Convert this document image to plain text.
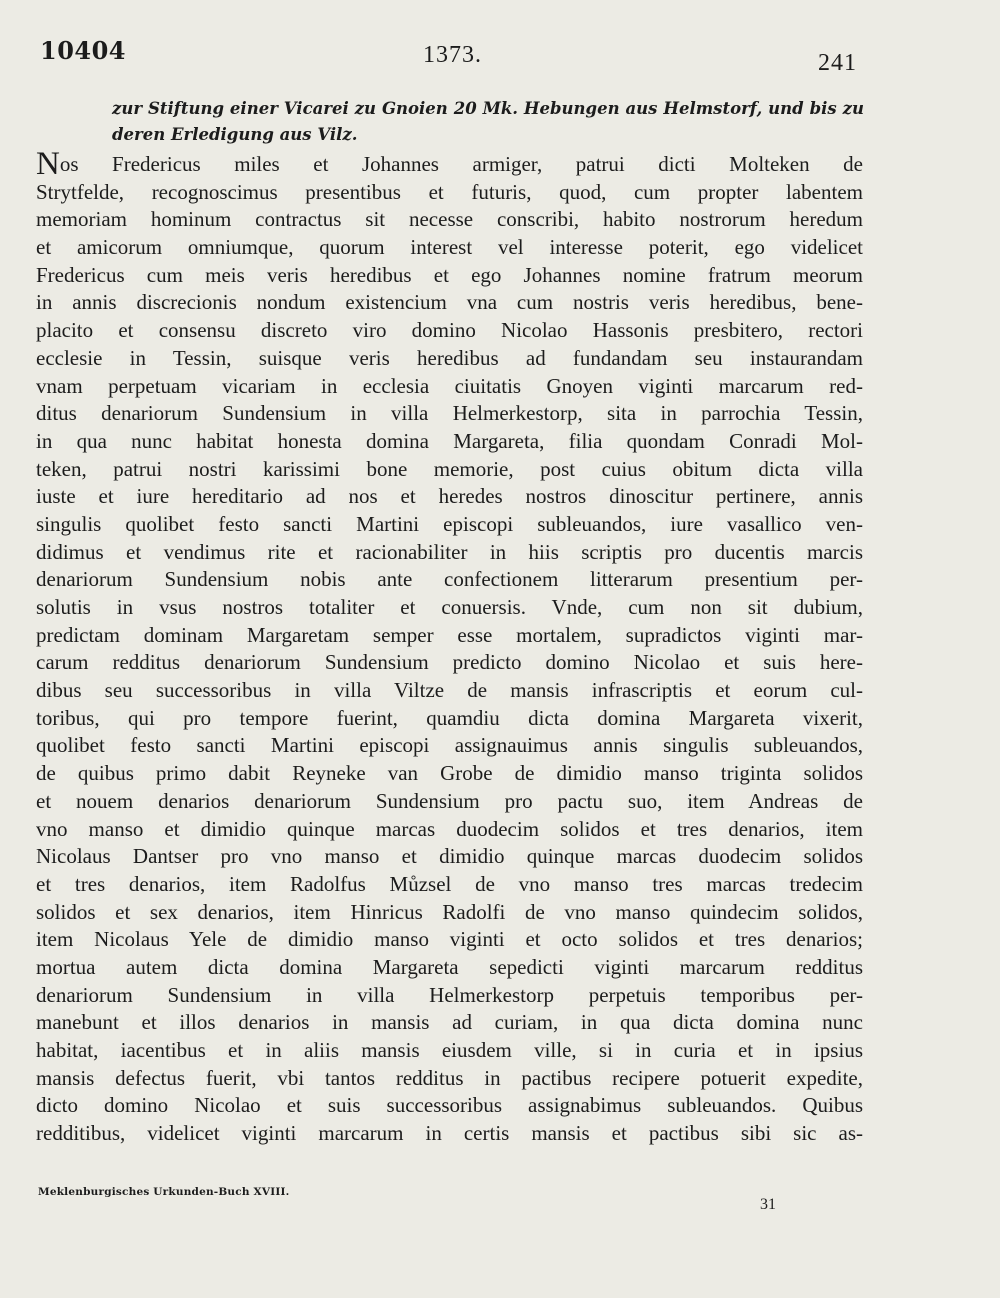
10404	1373.	241
zur Stiftung einer Vicarei zu Gnoien 20 Mk. Hebungen aus Helmstorf, und bis zu deren Erledigung aus Vilz.
Nos Fredericus miles et Johannes armiger, patrui dicti Molteken de
Strytfelde, recognoscimus presentibus et futuris, quod, cum propter labentem
memoriam hominum contractus sit necesse conscribi, habito nostrorum heredum
et amicorum omniumque, quorum interest vel interesse poterit, ego videlicet
Fredericus cum meis veris heredibus et ego Johannes nomine fratrum meorum
in annis discrecionis nondum existencium vna cum nostris veris heredibus, bene-
placito et consensu discreto viro domino Nicolao Hassonis presbitero, rectori
ecclesie in Tessin, suisque veris heredibus ad fundandam seu instaurandam
vnam perpetuam vicariam in ecclesia ciuitatis Gnoyen viginti marcarum red-
ditus denariorum Sundensium in villa Helmerkestorp, sita in parrochia Tessin,
in qua nunc habitat honesta domina Margareta, filia quondam Conradi Mol-
teken, patrui nostri karissimi bone memorie, post cuius obitum dicta villa
iuste et iure hereditario ad nos et heredes nostros dinoscitur pertinere, annis
singulis quolibet festo sancti Martini episcopi subleuandos, iure vasallico ven-
didimus et vendimus rite et racionabiliter in hiis scriptis pro ducentis marcis
denariorum Sundensium nobis ante confectionem litterarum presentium per-
solutis in vsus nostros totaliter et conuersis. Vnde, cum non sit dubium,
predictam dominam Margaretam semper esse mortalem, supradictos viginti mar-
carum redditus denariorum Sundensium predicto domino Nicolao et suis here-
dibus seu successoribus in villa Viltze de mansis infrascriptis et eorum cul-
toribus, qui pro tempore fuerint, quamdiu dicta domina Margareta vixerit,
quolibet festo sancti Martini episcopi assignauimus annis singulis subleuandos,
de quibus primo dabit Reyneke van Grobe de dimidio manso triginta solidos
et nouem denarios denariorum Sundensium pro pactu suo, item Andreas de
vno manso et dimidio quinque marcas duodecim solidos et tres denarios, item
Nicolaus Dantser pro vno manso et dimidio quinque marcas duodecim solidos
et tres denarios, item Radolfus Můzsel de vno manso tres marcas tredecim
solidos et sex denarios, item Hinricus Radolfi de vno manso quindecim solidos,
item Nicolaus Yele de dimidio manso viginti et octo solidos et tres denarios;
mortua autem dicta domina Margareta sepedicti viginti marcarum redditus
denariorum Sundensium in villa Helmerkestorp perpetuis temporibus per-
manebunt et illos denarios in mansis ad curiam, in qua dicta domina nunc
habitat, iacentibus et in aliis mansis eiusdem ville, si in curia et in ipsius
mansis defectus fuerit, vbi tantos redditus in pactibus recipere potuerit expedite,
dicto domino Nicolao et suis successoribus assignabimus subleuandos. Quibus
redditibus, videlicet viginti marcarum in certis mansis et pactibus sibi sic as-
Meklenburgisches Urkunden-Buch XVIII.
31
